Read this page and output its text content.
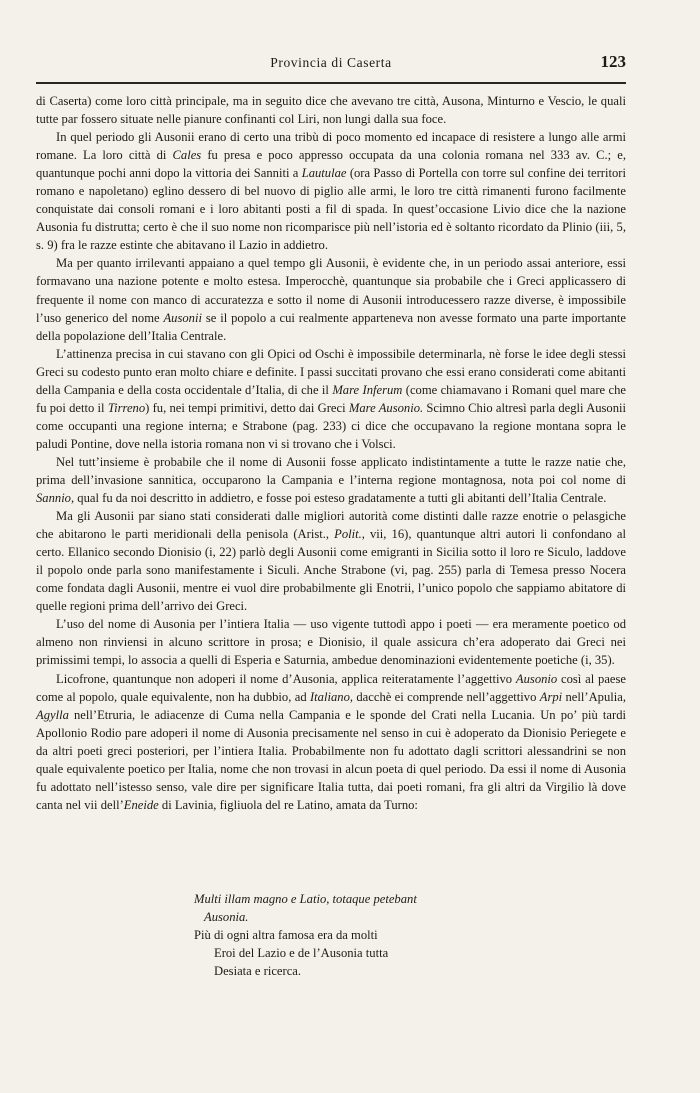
Provincia di Caserta	123

di Caserta) come loro città principale, ma in seguito dice che avevano tre città, Ausona, Minturno e Vescio, le quali tutte par fossero situate nelle pianure confinanti col Liri, non lungi dalla sua foce.

In quel periodo gli Ausonii erano di certo una tribù di poco momento ed incapace di resistere a lungo alle armi romane. La loro città di Cales fu presa e poco appresso occupata da una colonia romana nel 333 av. C.; e, quantunque pochi anni dopo la vittoria dei Sanniti a Lautulae (ora Passo di Portella con torre sul confine dei territori romano e napoletano) eglino dessero di bel nuovo di piglio alle armi, le loro tre città rimanenti furono facilmente conquistate dai consoli romani e i loro abitanti posti a fil di spada. In quest’occasione Livio dice che la nazione Ausonia fu distrutta; certo è che il suo nome non ricomparisce più nell’istoria ed è soltanto ricordato da Plinio (iii, 5, s. 9) fra le razze estinte che abitavano il Lazio in addietro.

Ma per quanto irrilevanti appaiano a quel tempo gli Ausonii, è evidente che, in un periodo assai anteriore, essi formavano una nazione potente e molto estesa. Imperocchè, quantunque sia probabile che i Greci applicassero di frequente il nome con manco di accuratezza e sotto il nome di Ausonii introducessero razze diverse, è impossibile l’uso generico del nome Ausonii se il popolo a cui realmente apparteneva non avesse formato una parte importante della popolazione dell’Italia Centrale.

L’attinenza precisa in cui stavano con gli Opici od Oschi è impossibile determinarla, nè forse le idee degli stessi Greci su codesto punto eran molto chiare e definite. I passi succitati provano che essi erano considerati come abitanti della Campania e della costa occidentale d’Italia, di che il Mare Inferum (come chiamavano i Romani quel mare che fu poi detto il Tirreno) fu, nei tempi primitivi, detto dai Greci Mare Ausonio. Scimno Chio altresì parla degli Ausonii come occupanti una regione interna; e Strabone (pag. 233) ci dice che occupavano la regione montana sopra le paludi Pontine, dove nella istoria romana non vi si trovano che i Volsci.

Nel tutt’insieme è probabile che il nome di Ausonii fosse applicato indistintamente a tutte le razze natie che, prima dell’invasione sannitica, occuparono la Campania e l’interna regione montagnosa, nota poi col nome di Sannio, qual fu da noi descritto in addietro, e fosse poi esteso gradatamente a tutti gli abitanti dell’Italia Centrale.

Ma gli Ausonii par siano stati considerati dalle migliori autorità come distinti dalle razze enotrie o pelasgiche che abitarono le parti meridionali della penisola (Arist., Polit., vii, 16), quantunque altri autori li confondano al certo. Ellanico secondo Dionisio (i, 22) parlò degli Ausonii come emigranti in Sicilia sotto il loro re Siculo, laddove il popolo onde parla sono manifestamente i Siculi. Anche Strabone (vi, pag. 255) parla di Temesa presso Nocera come fondata dagli Ausonii, mentre ei vuol dire probabilmente gli Enotrii, l’unico popolo che sappiamo abitatore di quelle regioni prima dell’arrivo dei Greci.

L’uso del nome di Ausonia per l’intiera Italia — uso vigente tuttodì appo i poeti — era meramente poetico od almeno non rinviensi in alcuno scrittore in prosa; e Dionisio, il quale assicura ch’era adoperato dai Greci nei primissimi tempi, lo associa a quelli di Esperia e Saturnia, ambedue denominazioni evidentemente poetiche (i, 35).

Licofrone, quantunque non adoperi il nome d’Ausonia, applica reiteratamente l’aggettivo Ausonio così al paese come al popolo, quale equivalente, non ha dubbio, ad Italiano, dacchè ei comprende nell’aggettivo Arpi nell’Apulia, Agylla nell’Etruria, le adiacenze di Cuma nella Campania e le sponde del Crati nella Lucania. Un po’ più tardi Apollonio Rodio pare adoperi il nome di Ausonia precisamente nel senso in cui è adoperato da Dionisio Periegete e da altri poeti greci posteriori, per l’intiera Italia. Probabilmente non fu adottato dagli scrittori alessandrini se non quale equivalente poetico per Italia, nome che non trovasi in alcun poeta di quel periodo. Da essi il nome di Ausonia fu adottato nell’istesso senso, vale dire per significare Italia tutta, dai poeti romani, fra gli altri da Virgilio là dove canta nel vii dell’Eneide di Lavinia, figliuola del re Latino, amata da Turno:

Multi illam magno e Latio, totaque petebant
Ausonia.
Più di ogni altra famosa era da molti
Eroi del Lazio e de l’Ausonia tutta
Desiata e ricerca.
